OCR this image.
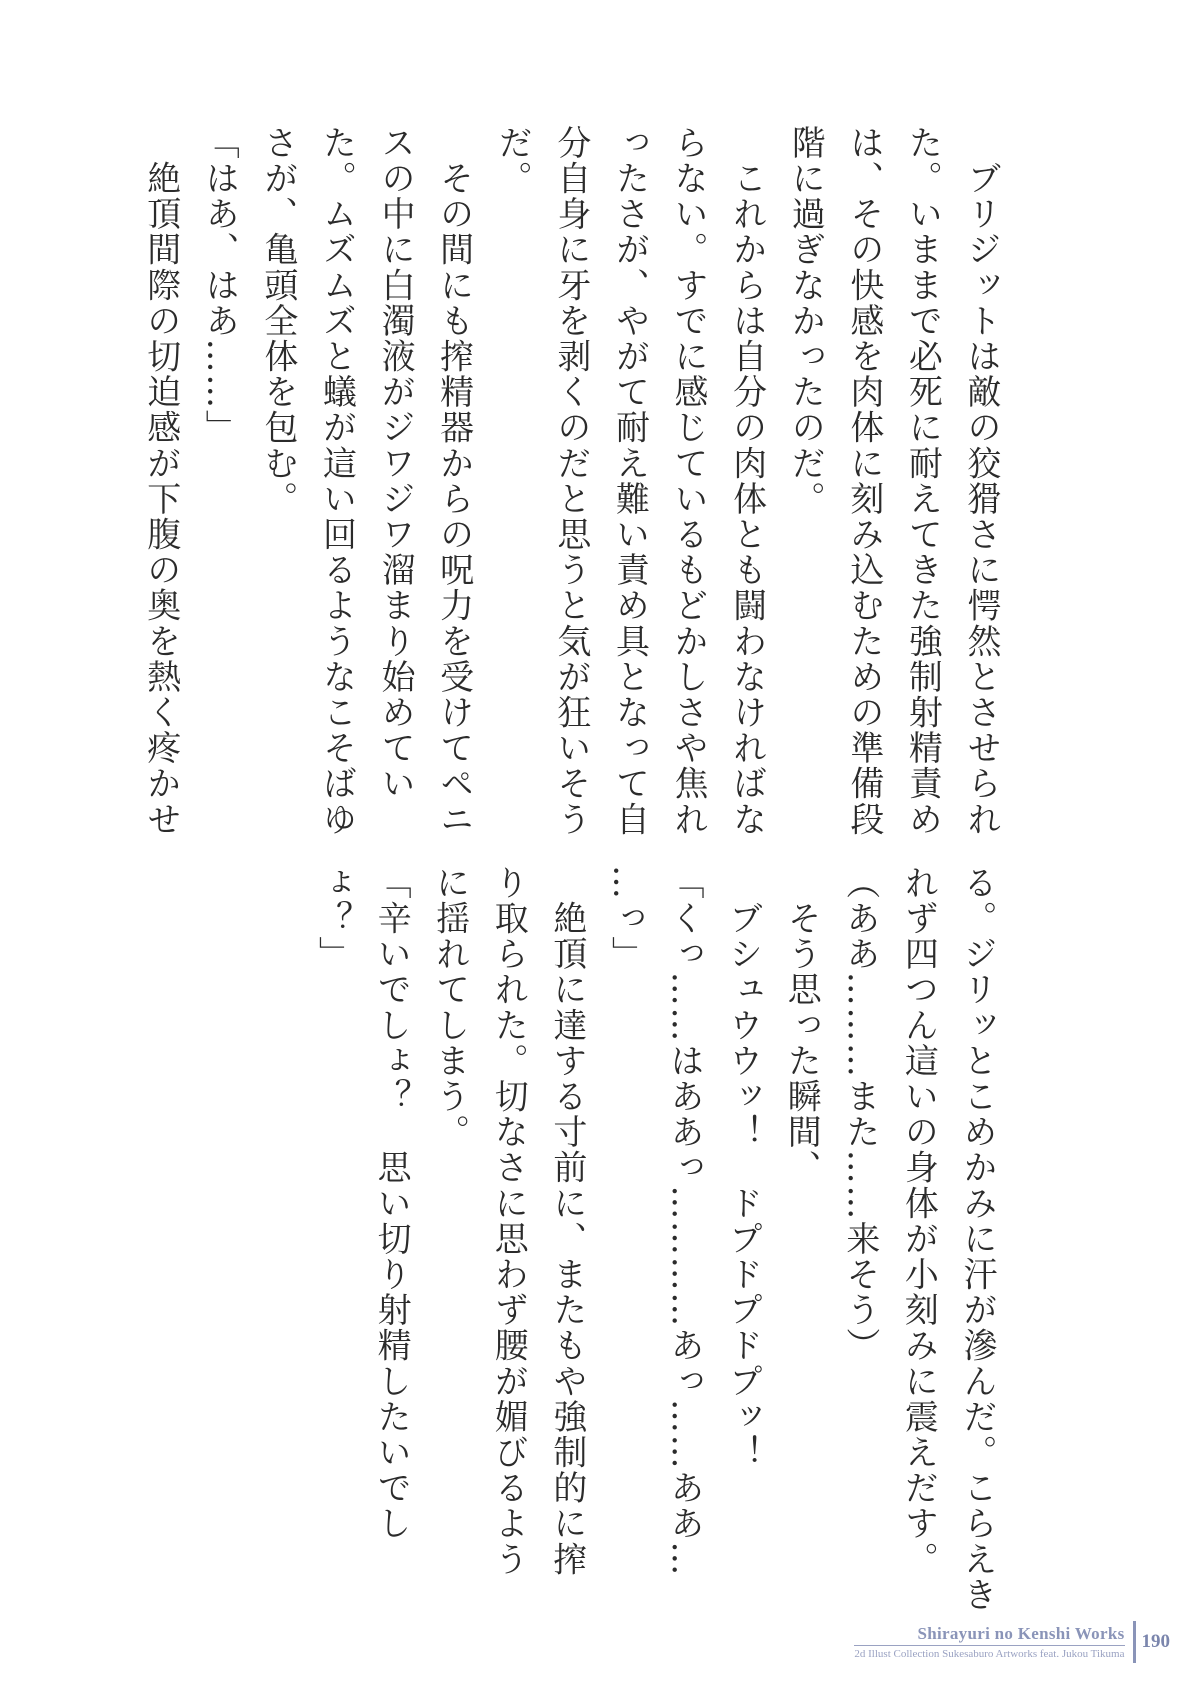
　ブリジットは敵の狡猾さに愕然とさせられ
た。いままで必死に耐えてきた強制射精責め
は、その快感を肉体に刻み込むための準備段
階に過ぎなかったのだ。
　これからは自分の肉体とも闘わなければな
らない。すでに感じているもどかしさや焦れ
ったさが、やがて耐え難い責め具となって自
分自身に牙を剥くのだと思うと気が狂いそう
だ。
　その間にも搾精器からの呪力を受けてペニ
スの中に白濁液がジワジワ溜まり始めてい
た。ムズムズと蟻が這い回るようなこそばゆ
さが、亀頭全体を包む。
「はあ、はあ……」
　絶頂間際の切迫感が下腹の奥を熱く疼かせ
る。ジリッとこめかみに汗が滲んだ。こらえき
れず四つん這いの身体が小刻みに震えだす。
（ああ………また……来そう）
　そう思った瞬間、
　ブシュウウッ！　ドプドプドプッ！
「くっ……はああっ…………あっ……ああ…
…っ」
　絶頂に達する寸前に、またもや強制的に搾
り取られた。切なさに思わず腰が媚びるよう
に揺れてしまう。
「辛いでしょ？　思い切り射精したいでし
ょ？」
Shirayuri no Kenshi Works
2d Illust Collection Sukesaburo Artworks feat. Jukou Tikuma
190
